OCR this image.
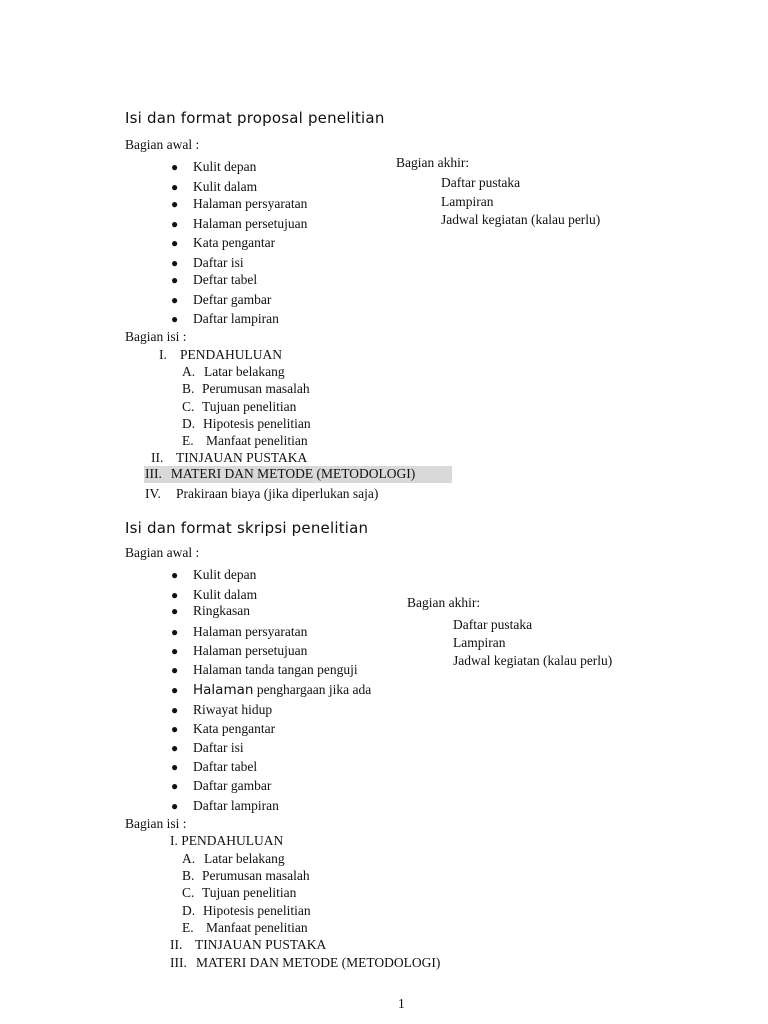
Isi dan format proposal penelitian
Bagian awal :
● Kulit depan
● Kulit dalam
● Halaman persyaratan
● Halaman persetujuan
● Kata pengantar
● Daftar isi
● Deftar tabel
● Deftar gambar
● Daftar lampiran
Bagian akhir:
Daftar pustaka
Lampiran
Jadwal kegiatan (kalau perlu)
Bagian isi :
I. PENDAHULUAN
A. Latar belakang
B. Perumusan masalah
C. Tujuan penelitian
D. Hipotesis penelitian
E. Manfaat penelitian
II. TINJAUAN PUSTAKA
III. MATERI DAN METODE (METODOLOGI)
IV. Prakiraan biaya (jika diperlukan saja)
Isi dan format skripsi penelitian
Bagian awal :
● Kulit depan
● Kulit dalam
● Ringkasan
● Halaman persyaratan
● Halaman persetujuan
● Halaman tanda tangan penguji
● Halaman penghargaan jika ada
● Riwayat hidup
● Kata pengantar
● Daftar isi
● Daftar tabel
● Daftar gambar
● Daftar lampiran
Bagian akhir:
Daftar pustaka
Lampiran
Jadwal kegiatan (kalau perlu)
Bagian isi :
I. PENDAHULUAN
A. Latar belakang
B. Perumusan masalah
C. Tujuan penelitian
D. Hipotesis penelitian
E. Manfaat penelitian
II. TINJAUAN PUSTAKA
III. MATERI DAN METODE (METODOLOGI)
1
